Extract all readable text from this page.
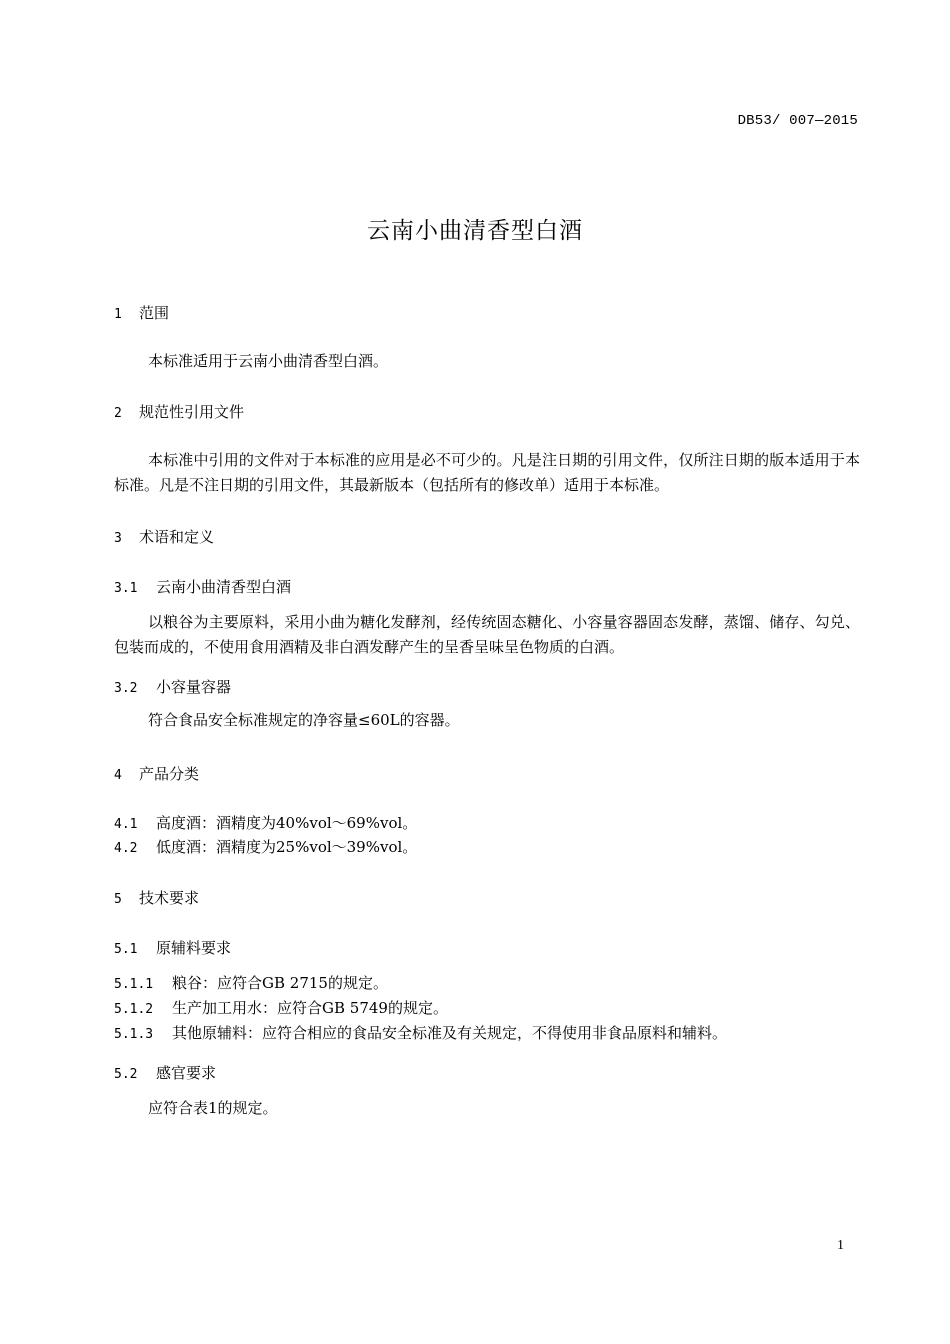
DB53/ 007—2015
云南小曲清香型白酒
1 范围
本标准适用于云南小曲清香型白酒。
2 规范性引用文件
本标准中引用的文件对于本标准的应用是必不可少的。凡是注日期的引用文件，仅所注日期的版本适用于本标准。凡是不注日期的引用文件，其最新版本（包括所有的修改单）适用于本标准。
3 术语和定义
3.1 云南小曲清香型白酒
以粮谷为主要原料，采用小曲为糖化发酵剂，经传统固态糖化、小容量容器固态发酵，蒸馏、储存、勾兑、包装而成的，不使用食用酒精及非白酒发酵产生的呈香呈味呈色物质的白酒。
3.2 小容量容器
符合食品安全标准规定的净容量≤60L的容器。
4 产品分类
4.1 高度酒：酒精度为40%vol～69%vol。
4.2 低度酒：酒精度为25%vol～39%vol。
5 技术要求
5.1 原辅料要求
5.1.1 粮谷：应符合GB 2715的规定。
5.1.2 生产加工用水：应符合GB 5749的规定。
5.1.3 其他原辅料：应符合相应的食品安全标准及有关规定，不得使用非食品原料和辅料。
5.2 感官要求
应符合表1的规定。
1
